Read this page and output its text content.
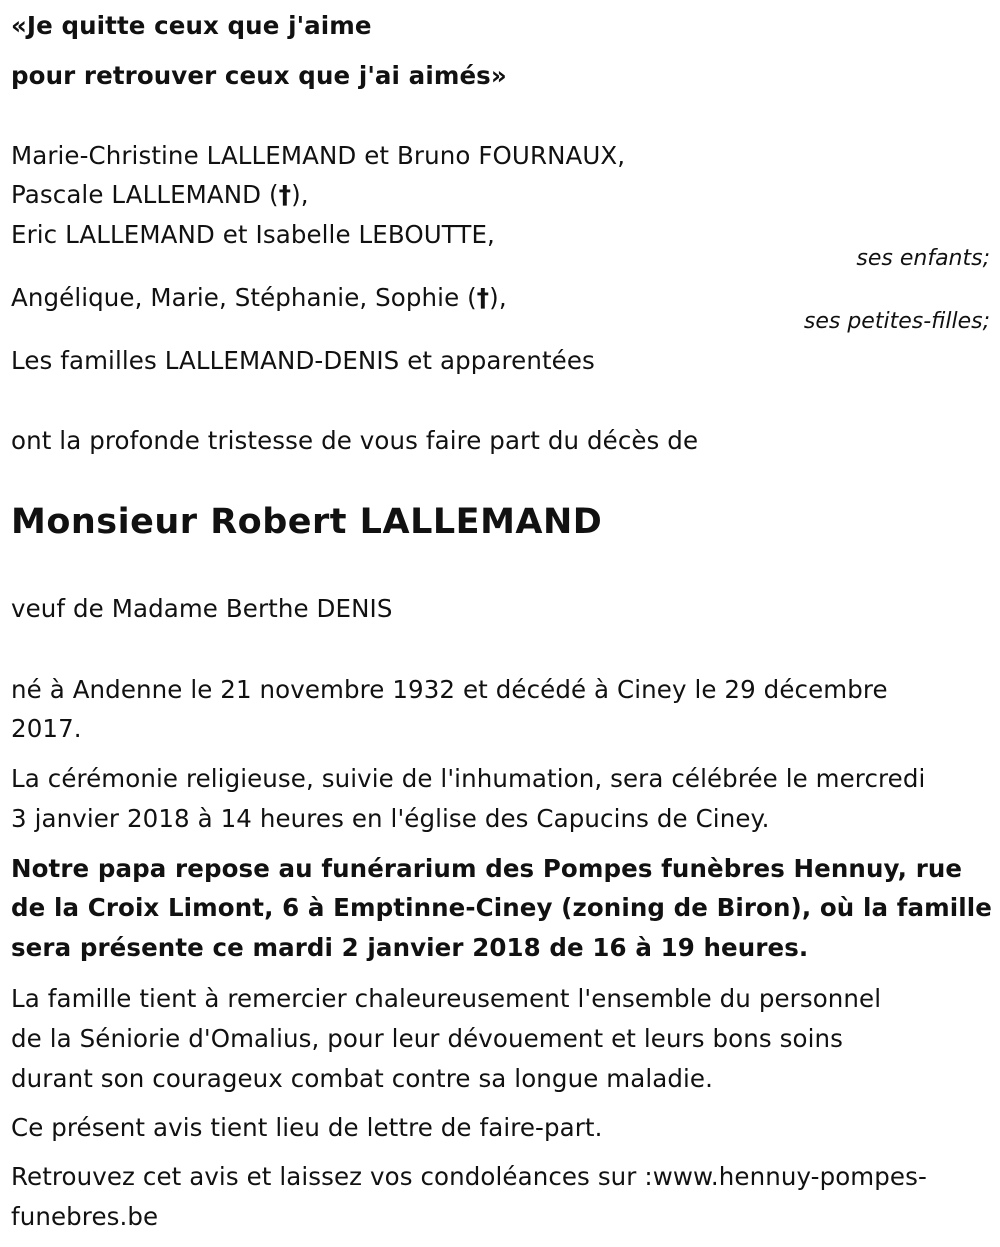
«Je quitte ceux que j'aime
pour retrouver ceux que j'ai aimés»
Marie-Christine LALLEMAND et Bruno FOURNAUX,
Pascale LALLEMAND (†),
Eric LALLEMAND et Isabelle LEBOUTTE,
ses enfants;
Angélique, Marie, Stéphanie, Sophie (†),
ses petites-filles;
Les familles LALLEMAND-DENIS et apparentées
ont la profonde tristesse de vous faire part du décès de
Monsieur Robert LALLEMAND
veuf de Madame Berthe DENIS
né à Andenne le 21 novembre 1932 et décédé à Ciney le 29 décembre
2017.
La cérémonie religieuse, suivie de l'inhumation, sera célébrée le mercredi
3 janvier 2018 à 14 heures en l'église des Capucins de Ciney.
Notre papa repose au funérarium des Pompes funèbres Hennuy, rue
de la Croix Limont, 6 à Emptinne-Ciney (zoning de Biron), où la famille
sera présente ce mardi 2 janvier 2018 de 16 à 19 heures.
La famille tient à remercier chaleureusement l'ensemble du personnel
de la Séniorie d'Omalius, pour leur dévouement et leurs bons soins
durant son courageux combat contre sa longue maladie.
Ce présent avis tient lieu de lettre de faire-part.
Retrouvez cet avis et laissez vos condoléances sur :www.hennuy-pompes-
funebres.be
